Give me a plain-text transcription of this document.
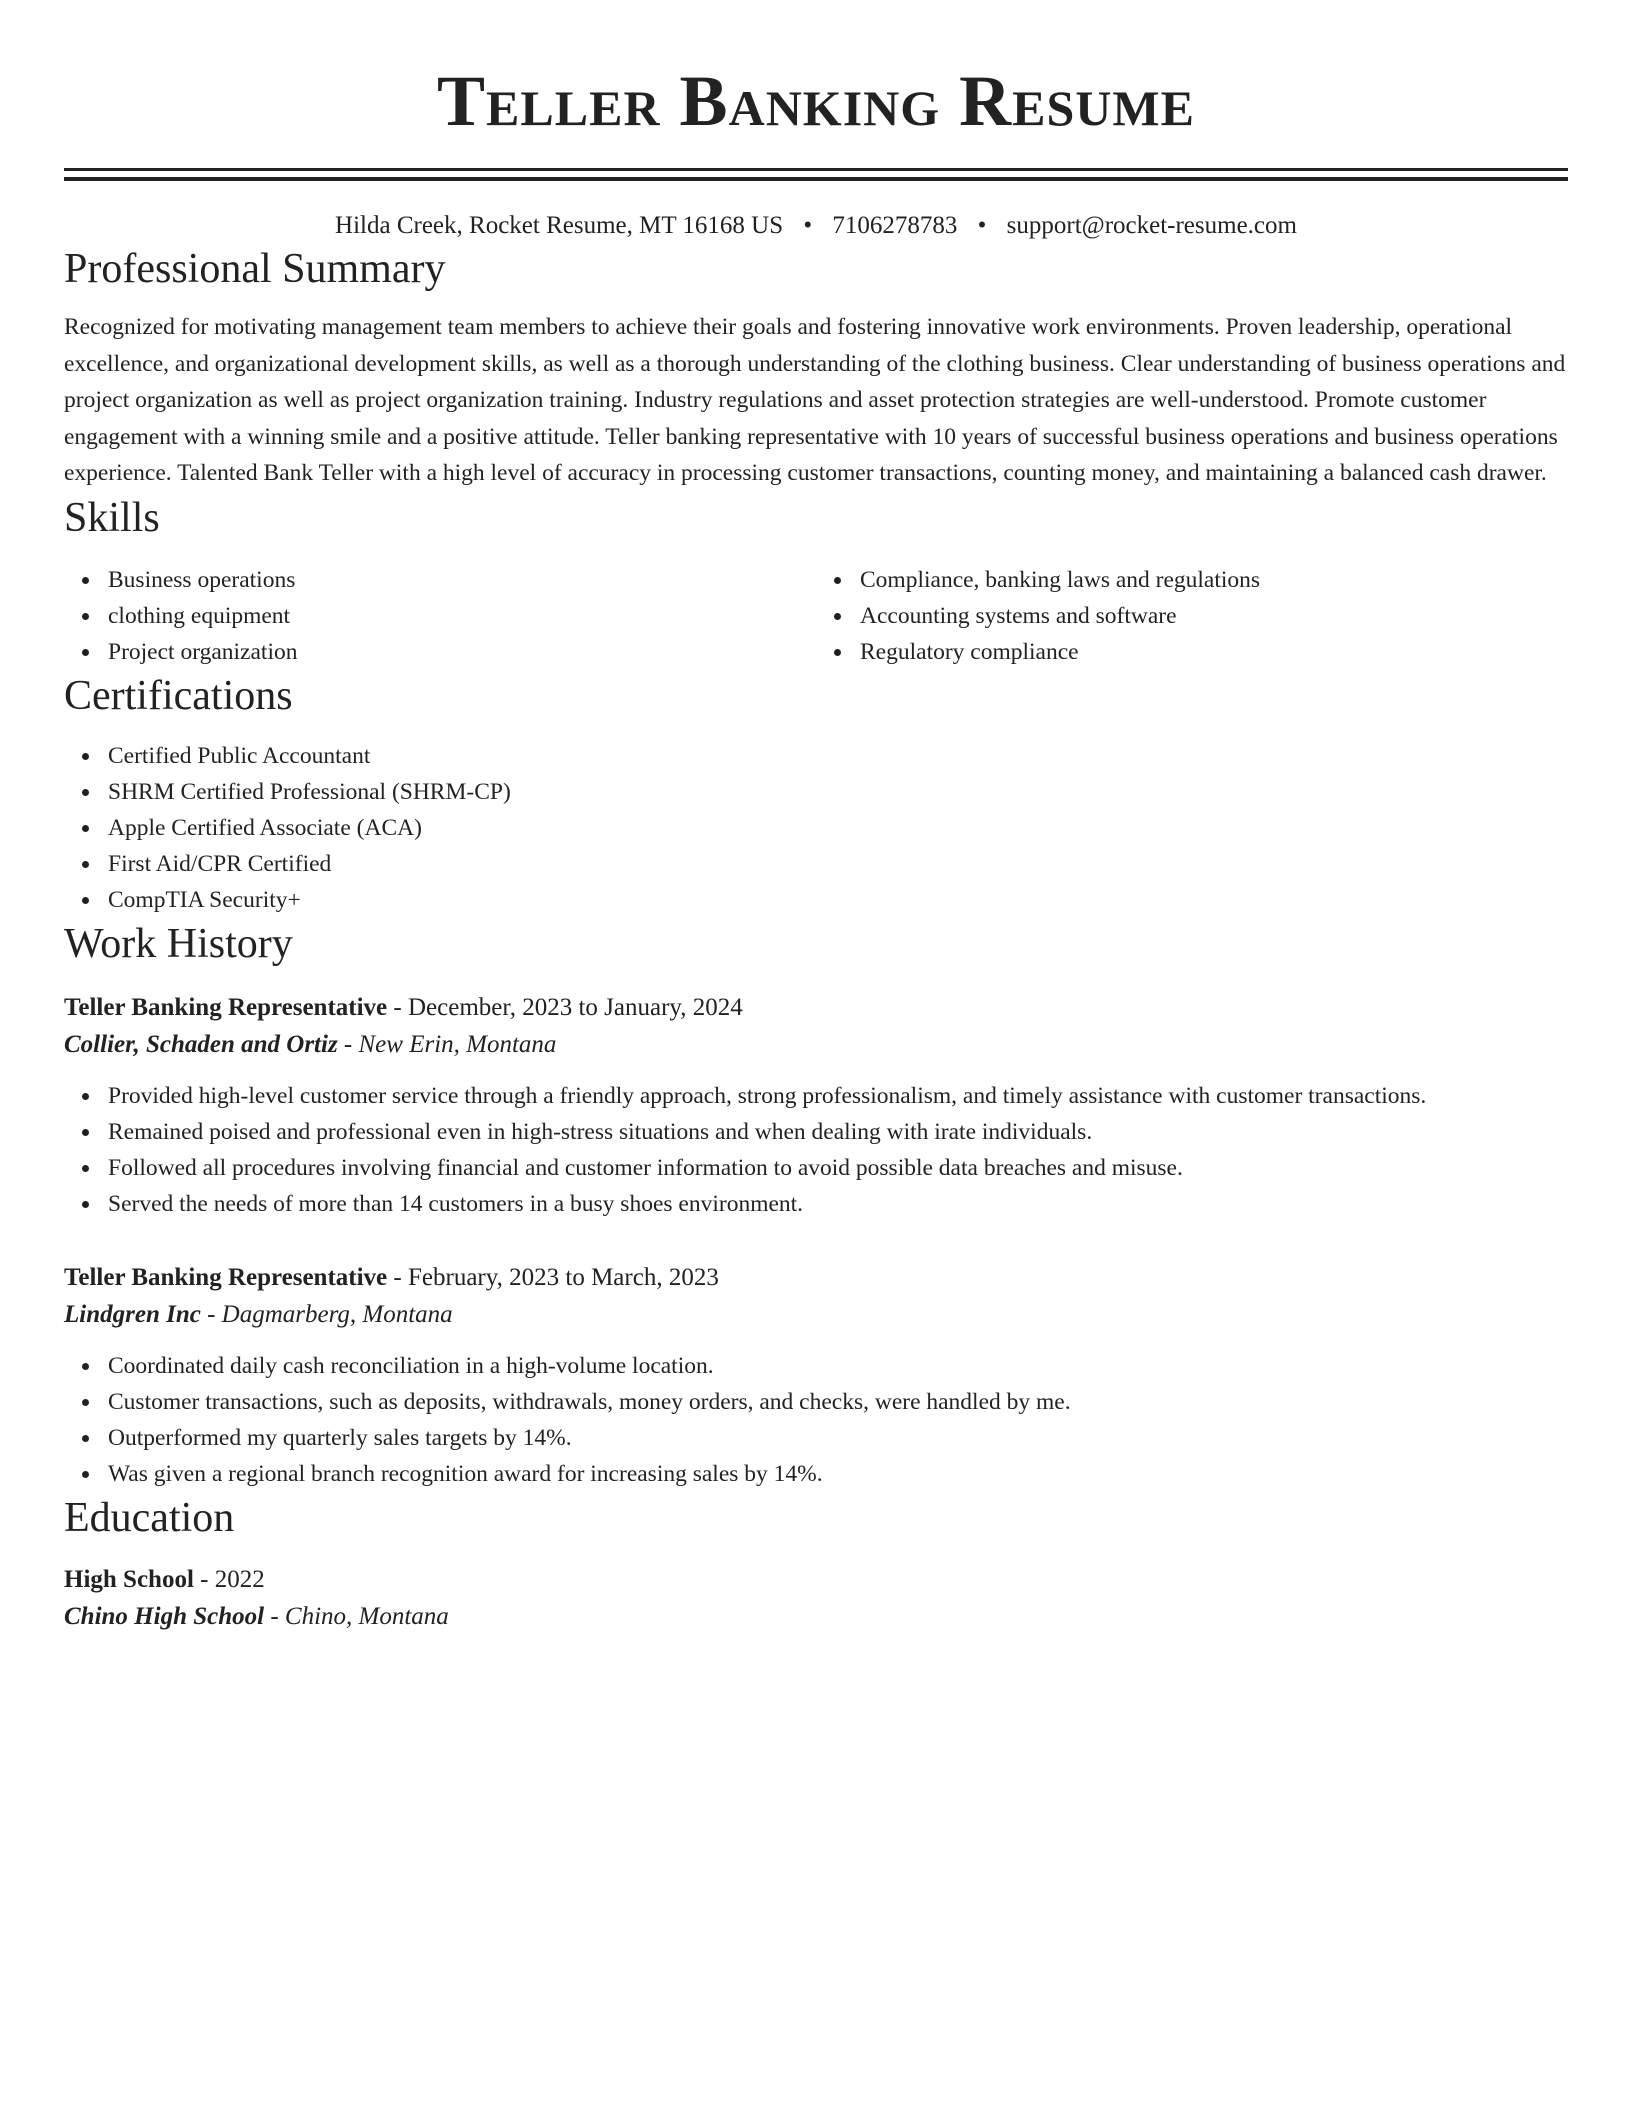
Teller Banking Resume
Hilda Creek, Rocket Resume, MT 16168 US • 7106278783 • support@rocket-resume.com
Professional Summary

Recognized for motivating management team members to achieve their goals and fostering innovative work environments. Proven leadership, operational excellence, and organizational development skills, as well as a thorough understanding of the clothing business. Clear understanding of business operations and project organization as well as project organization training. Industry regulations and asset protection strategies are well-understood. Promote customer engagement with a winning smile and a positive attitude. Teller banking representative with 10 years of successful business operations and business operations experience. Talented Bank Teller with a high level of accuracy in processing customer transactions, counting money, and maintaining a balanced cash drawer.

Skills
Business operations
clothing equipment
Project organization
Compliance, banking laws and regulations
Accounting systems and software
Regulatory compliance
Certifications
Certified Public Accountant
SHRM Certified Professional (SHRM-CP)
Apple Certified Associate (ACA)
First Aid/CPR Certified
CompTIA Security+
Work History
Teller Banking Representative - December, 2023 to January, 2024
Collier, Schaden and Ortiz - New Erin, Montana
Provided high-level customer service through a friendly approach, strong professionalism, and timely assistance with customer transactions.
Remained poised and professional even in high-stress situations and when dealing with irate individuals.
Followed all procedures involving financial and customer information to avoid possible data breaches and misuse.
Served the needs of more than 14 customers in a busy shoes environment.
Teller Banking Representative - February, 2023 to March, 2023
Lindgren Inc - Dagmarberg, Montana
Coordinated daily cash reconciliation in a high-volume location.
Customer transactions, such as deposits, withdrawals, money orders, and checks, were handled by me.
Outperformed my quarterly sales targets by 14%.
Was given a regional branch recognition award for increasing sales by 14%.
Education
High School - 2022
Chino High School - Chino, Montana
